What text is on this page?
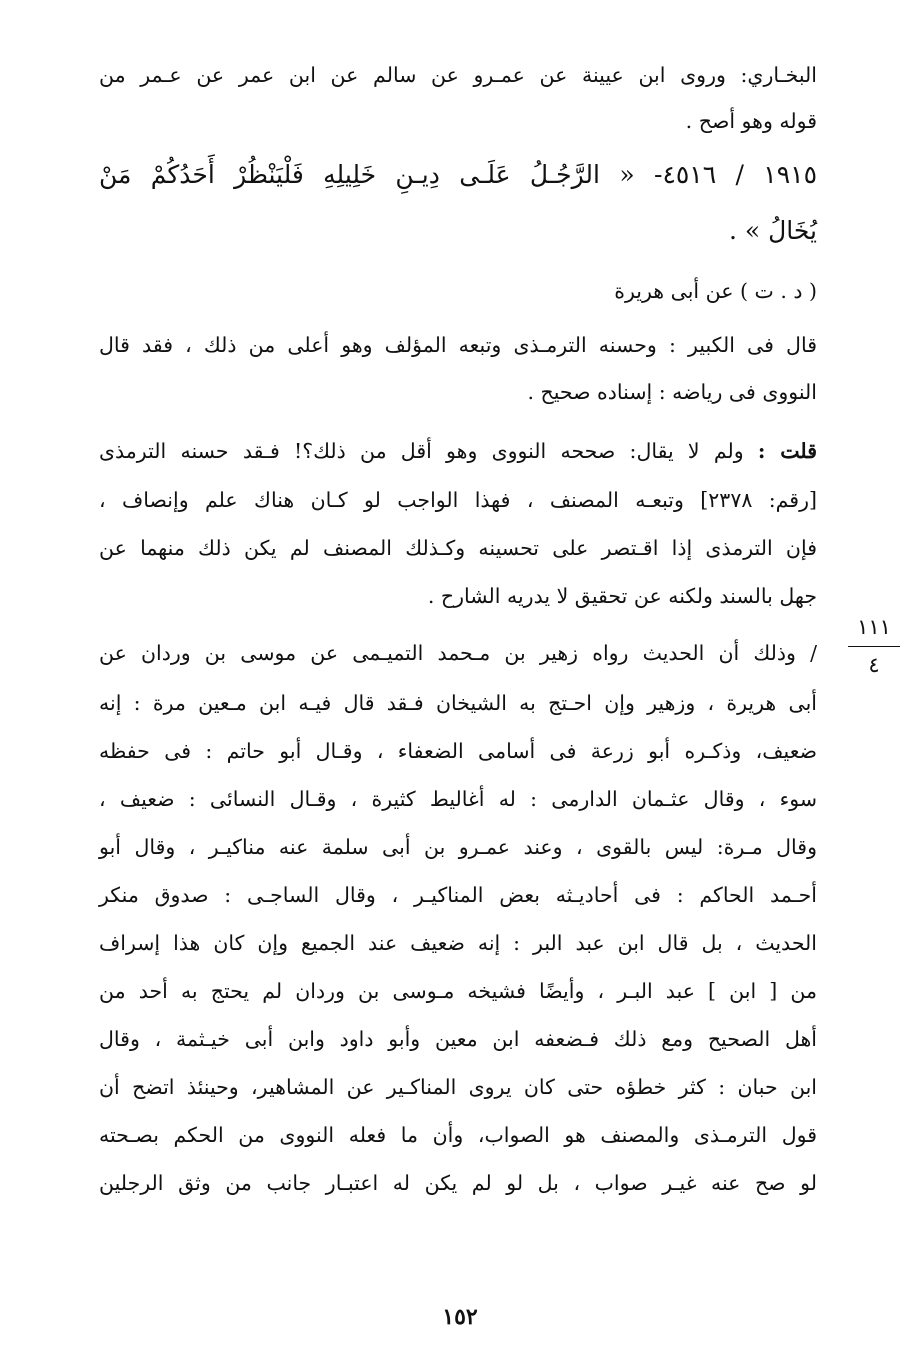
البخـاري: وروى ابن عيينة عن عمـرو عن سالم عن ابن عمر عن عـمر من
قوله وهو أصح .
١٩١٥ / ٤٥١٦- « الرَّجُـلُ عَلَـى دِيـنِ خَلِيلِهِ فَلْيَنْظُرْ أَحَدُكُمْ مَنْ
يُخَالُ » .
( د . ت ) عن أبى هريرة
قال فى الكبير : وحسنه الترمـذى وتبعه المؤلف وهو أعلى من ذلك ، فقد قال
النووى فى رياضه : إسناده صحيح .
قلت : ولم لا يقال: صححه النووى وهو أقل من ذلك؟! فـقد حسنه الترمذى
[رقم: ٢٣٧٨] وتبعـه المصنف ، فهذا الواجب لو كـان هناك علم وإنصاف ،
فإن الترمذى إذا اقـتصر على تحسينه وكـذلك المصنف لم يكن ذلك منهما عن
جهل بالسند ولكنه عن تحقيق لا يدريه الشارح .
١١١
٤
/ وذلك أن الحديث رواه زهير بن مـحمد التميـمى عن موسى بن وردان عن
أبى هريرة ، وزهير وإن احـتج به الشيخان فـقد قال فيـه ابن مـعين مرة : إنه
ضعيف، وذكـره أبو زرعة فى أسامى الضعفاء ، وقـال أبو حاتم : فى حفظه
سوء ، وقال عثـمان الدارمى : له أغاليط كثيرة ، وقـال النسائى : ضعيف ،
وقال مـرة: ليس بالقوى ، وعند عمـرو بن أبى سلمة عنه مناكيـر ، وقال أبو
أحـمد الحاكم : فى أحاديـثه بعض المناكيـر ، وقال الساجـى : صدوق منكر
الحديث ، بل قال ابن عبد البر : إنه ضعيف عند الجميع وإن كان هذا إسراف
من [ ابن ] عبد البـر ، وأيضًا فشيخه مـوسى بن وردان لم يحتج به أحد من
أهل الصحيح ومع ذلك فـضعفه ابن معين وأبو داود وابن أبى خيـثمة ، وقال
ابن حبان : كثر خطؤه حتى كان يروى المناكـير عن المشاهير، وحينئذ اتضح أن
قول الترمـذى والمصنف هو الصواب، وأن ما فعله النووى من الحكم بصـحته
لو صح عنه غيـر صواب ، بل لو لم يكن له اعتبـار جانب من وثق الرجلين
١٥٢
